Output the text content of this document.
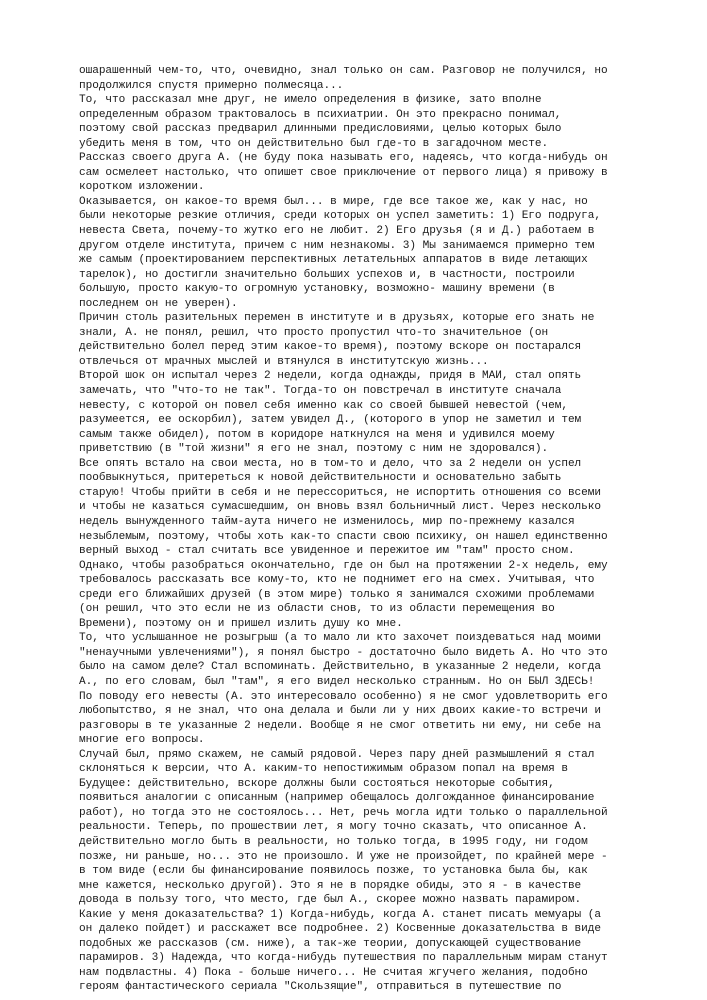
ошарашенный чем-то, что, очевидно, знал только он сам. Разговор не получился, но
продолжился спустя примерно полмесяца...
То, что рассказал мне друг, не имело определения в физике, зато вполне
определенным образом трактовалось в психиатрии. Он это прекрасно понимал,
поэтому свой рассказ предварил длинными предисловиями, целью которых было
убедить меня в том, что он действительно был где-то в загадочном месте.
Рассказ своего друга А. (не буду пока называть его, надеясь, что когда-нибудь он
сам осмелеет настолько, что опишет свое приключение от первого лица) я привожу в
коротком изложении.
Оказывается, он какое-то время был... в мире, где все такое же, как у нас, но
были некоторые резкие отличия, среди которых он успел заметить: 1) Его подруга,
невеста Света, почему-то жутко его не любит. 2) Его друзья (я и Д.) работаем в
другом отделе института, причем с ним незнакомы. 3) Мы занимаемся примерно тем
же самым (проектированием перспективных летательных аппаратов в виде летающих
тарелок), но достигли значительно больших успехов и, в частности, построили
большую, просто какую-то огромную установку, возможно- машину времени (в
последнем он не уверен).
Причин столь разительных перемен в институте и в друзьях, которые его знать не
знали, А. не понял, решил, что просто пропустил что-то значительное (он
действительно болел перед этим какое-то время), поэтому вскоре он постарался
отвлечься от мрачных мыслей и втянулся в институтскую жизнь...
Второй шок он испытал через 2 недели, когда однажды, придя в МАИ, стал опять
замечать, что "что-то не так". Тогда-то он повстречал в институте сначала
невесту, с которой он повел себя именно как со своей бывшей невестой (чем,
разумеется, ее оскорбил), затем увидел Д., (которого в упор не заметил и тем
самым также обидел), потом в коридоре наткнулся на меня и удивился моему
приветствию (в "той жизни" я его не знал, поэтому с ним не здоровался).
Все опять встало на свои места, но в том-то и дело, что за 2 недели он успел
пообвыкнуться, притереться к новой действительности и основательно забыть
старую! Чтобы прийти в себя и не перессориться, не испортить отношения со всеми
и чтобы не казаться сумасшедшим, он вновь взял больничный лист. Через несколько
недель вынужденного тайм-аута ничего не изменилось, мир по-прежнему казался
незыблемым, поэтому, чтобы хоть как-то спасти свою психику, он нашел единственно
верный выход - стал считать все увиденное и пережитое им "там" просто сном.
Однако, чтобы разобраться окончательно, где он был на протяжении 2-х недель, ему
требовалось рассказать все кому-то, кто не поднимет его на смех. Учитывая, что
среди его ближайших друзей (в этом мире) только я занимался схожими проблемами
(он решил, что это если не из области снов, то из области перемещения во
Времени), поэтому он и пришел излить душу ко мне.
То, что услышанное не розыгрыш (а то мало ли кто захочет поиздеваться над моими
"ненаучными увлечениями"), я понял быстро - достаточно было видеть А. Но что это
было на самом деле? Стал вспоминать. Действительно, в указанные 2 недели, когда
А., по его словам, был "там", я его видел несколько странным. Но он БЫЛ ЗДЕСЬ!
По поводу его невесты (А. это интересовало особенно) я не смог удовлетворить его
любопытство, я не знал, что она делала и были ли у них двоих какие-то встречи и
разговоры в те указанные 2 недели. Вообще я не смог ответить ни ему, ни себе на
многие его вопросы.
Случай был, прямо скажем, не самый рядовой. Через пару дней размышлений я стал
склоняться к версии, что А. каким-то непостижимым образом попал на время в
Будущее: действительно, вскоре должны были состояться некоторые события,
появиться аналогии с описанным (например обещалось долгожданное финансирование
работ), но тогда это не состоялось... Нет, речь могла идти только о параллельной
реальности. Теперь, по прошествии лет, я могу точно сказать, что описанное А.
действительно могло быть в реальности, но только тогда, в 1995 году, ни годом
позже, ни раньше, но... это не произошло. И уже не произойдет, по крайней мере -
в том виде (если бы финансирование появилось позже, то установка была бы, как
мне кажется, несколько другой). Это я не в порядке обиды, это я - в качестве
довода в пользу того, что место, где был А., скорее можно назвать парамиром.
Какие у меня доказательства? 1) Когда-нибудь, когда А. станет писать мемуары (а
он далеко пойдет) и расскажет все подробнее. 2) Косвенные доказательства в виде
подобных же рассказов (см. ниже), а так-же теории, допускающей существование
парамиров. 3) Надежда, что когда-нибудь путешествия по параллельным мирам станут
нам подвластны. 4) Пока - больше ничего... Не считая жгучего желания, подобно
героям фантастического сериала "Скользящие", отправиться в путешествие по
